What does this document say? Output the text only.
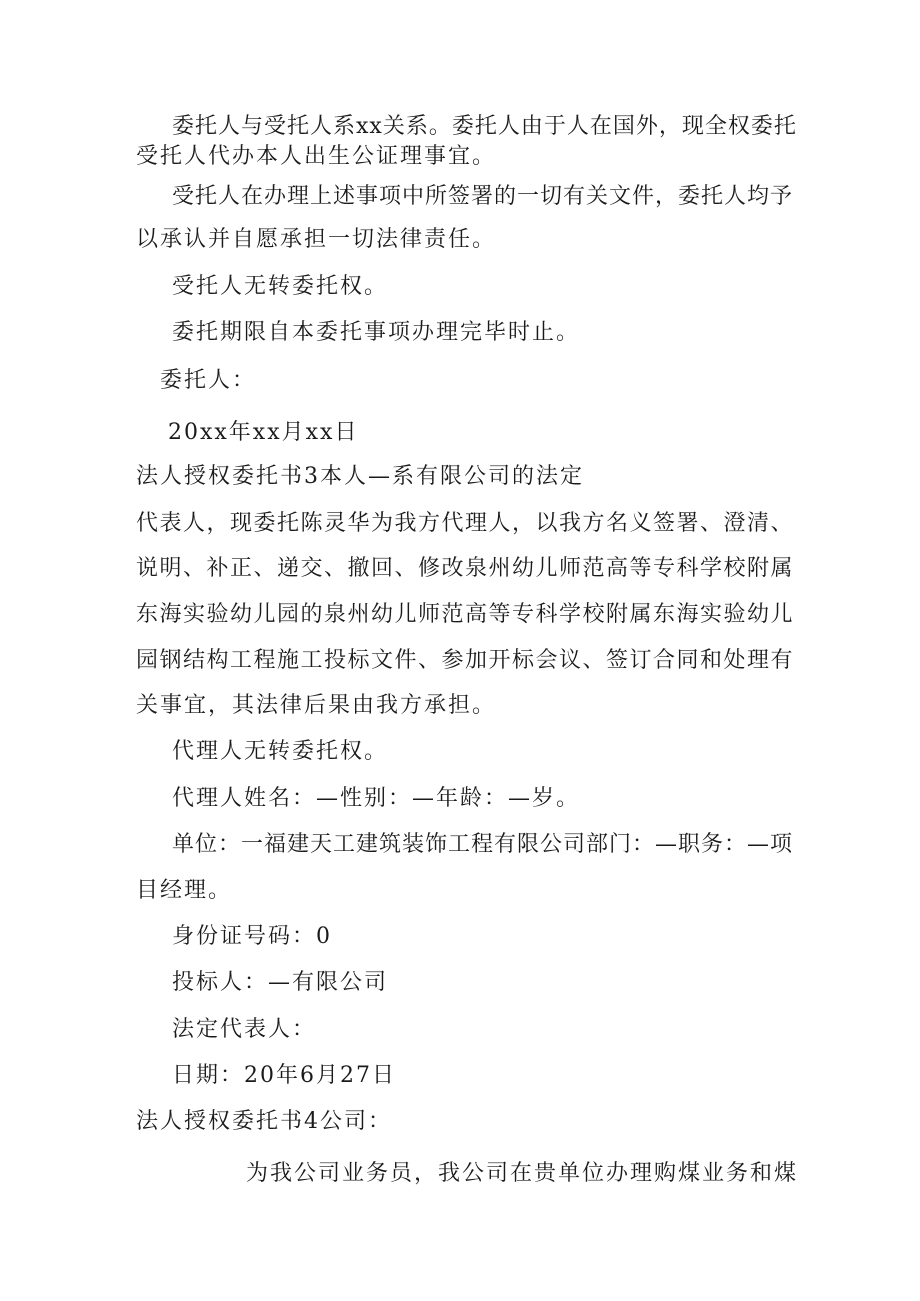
委托人与受托人系xx关系。委托人由于人在国外，现全权委托
受托人代办本人出生公证理事宜。
受托人在办理上述事项中所签署的一切有关文件，委托人均予
以承认并自愿承担一切法律责任。
受托人无转委托权。
委托期限自本委托事项办理完毕时止。
委托人：
20xx年xx月xx日
法人授权委托书3本人—系有限公司的法定
代表人，现委托陈灵华为我方代理人，以我方名义签署、澄清、
说明、补正、递交、撤回、修改泉州幼儿师范高等专科学校附属
东海实验幼儿园的泉州幼儿师范高等专科学校附属东海实验幼儿
园钢结构工程施工投标文件、参加开标会议、签订合同和处理有
关事宜，其法律后果由我方承担。
代理人无转委托权。
代理人姓名：—性别：—年龄：—岁。
单位：一福建天工建筑装饰工程有限公司部门：—职务：—项
目经理。
身份证号码：0
投标人：—有限公司
法定代表人：
日期：20年6月27日
法人授权委托书4公司：
为我公司业务员，我公司在贵单位办理购煤业务和煤
